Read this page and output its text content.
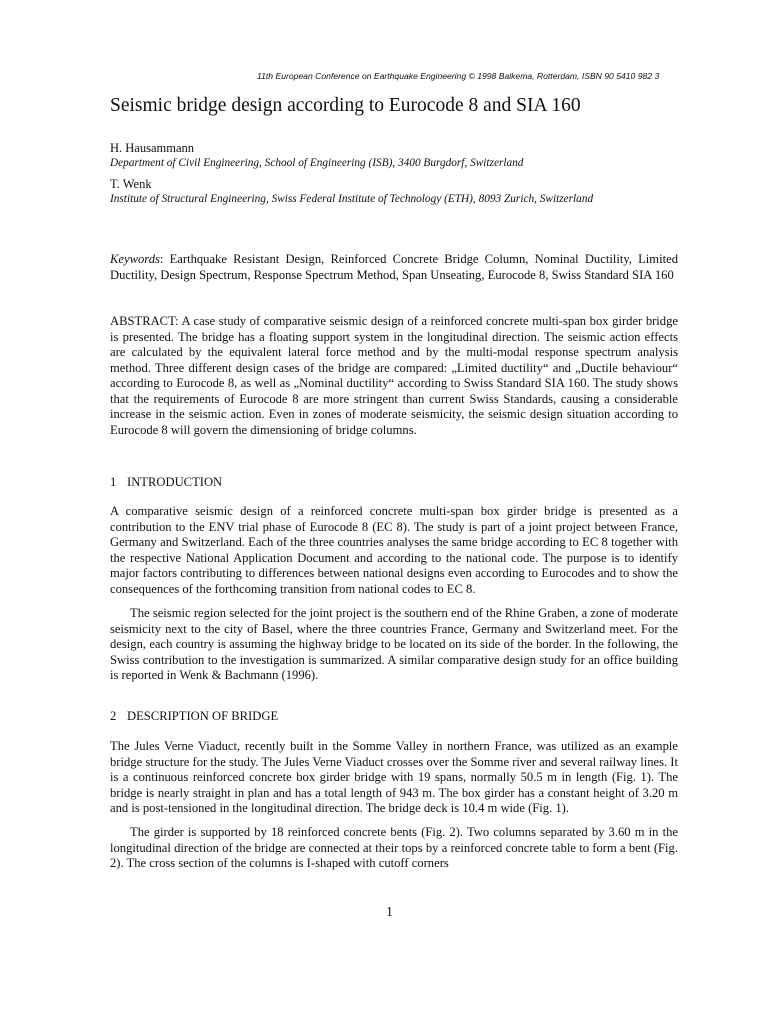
11th European Conference on Earthquake Engineering © 1998 Balkema, Rotterdam, ISBN 90 5410 982 3
Seismic bridge design according to Eurocode 8 and SIA 160
H. Hausammann
Department of Civil Engineering, School of Engineering (ISB), 3400 Burgdorf, Switzerland
T. Wenk
Institute of Structural Engineering, Swiss Federal Institute of Technology (ETH), 8093 Zurich, Switzerland

Keywords: Earthquake Resistant Design, Reinforced Concrete Bridge Column, Nominal Ductility, Limited Ductility, Design Spectrum, Response Spectrum Method, Span Unseating, Eurocode 8, Swiss Standard SIA 160

ABSTRACT: A case study of comparative seismic design of a reinforced concrete multi-span box girder bridge is presented. The bridge has a floating support system in the longitudinal direction. The seismic action effects are calculated by the equivalent lateral force method and by the multi-modal response spectrum analysis method. Three different design cases of the bridge are compared: „Limited ductility“ and „Ductile behaviour“ according to Eurocode 8, as well as „Nominal ductility“ according to Swiss Standard SIA 160. The study shows that the requirements of Eurocode 8 are more stringent than current Swiss Standards, causing a considerable increase in the seismic action. Even in zones of moderate seismicity, the seismic design situation according to Eurocode 8 will govern the dimensioning of bridge columns.

1 INTRODUCTION

A comparative seismic design of a reinforced concrete multi-span box girder bridge is presented as a contribution to the ENV trial phase of Eurocode 8 (EC 8). The study is part of a joint project between France, Germany and Switzerland. Each of the three countries analyses the same bridge according to EC 8 together with the respective National Application Document and according to the national code. The purpose is to identify major factors contributing to differences between national designs even according to Eurocodes and to show the consequences of the forthcoming transition from national codes to EC 8.

The seismic region selected for the joint project is the southern end of the Rhine Graben, a zone of moderate seismicity next to the city of Basel, where the three countries France, Germany and Switzerland meet. For the design, each country is assuming the highway bridge to be located on its side of the border. In the following, the Swiss contribution to the investigation is summarized. A similar comparative design study for an office building is reported in Wenk & Bachmann (1996).

2 DESCRIPTION OF BRIDGE

The Jules Verne Viaduct, recently built in the Somme Valley in northern France, was utilized as an example bridge structure for the study. The Jules Verne Viaduct crosses over the Somme river and several railway lines. It is a continuous reinforced concrete box girder bridge with 19 spans, normally 50.5 m in length (Fig. 1). The bridge is nearly straight in plan and has a total length of 943 m. The box girder has a constant height of 3.20 m and is post-tensioned in the longitudinal direction. The bridge deck is 10.4 m wide (Fig. 1).

The girder is supported by 18 reinforced concrete bents (Fig. 2). Two columns separated by 3.60 m in the longitudinal direction of the bridge are connected at their tops by a reinforced concrete table to form a bent (Fig. 2). The cross section of the columns is I-shaped with cutoff corners

1
